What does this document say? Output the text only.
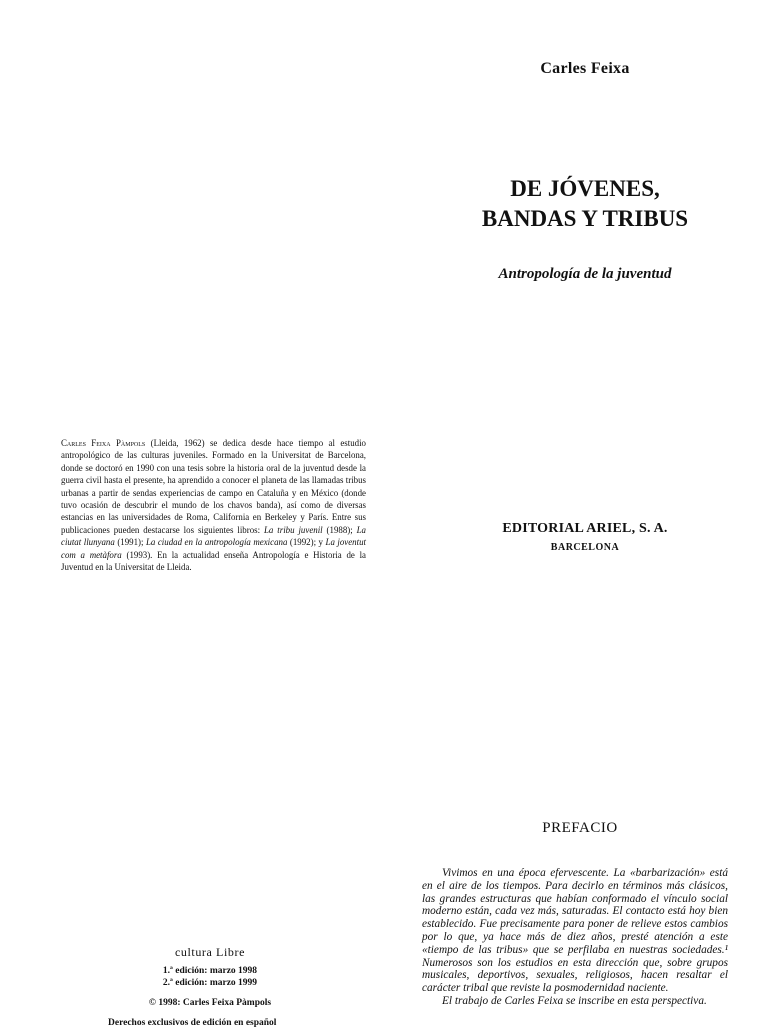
Carles Feixa
DE JÓVENES,
BANDAS Y TRIBUS
Antropología de la juventud
EDITORIAL ARIEL, S. A.
BARCELONA
Carles Feixa Pàmpols (Lleida, 1962) se dedica desde hace tiempo al estudio antropológico de las culturas juveniles. Formado en la Universitat de Barcelona, donde se doctoró en 1990 con una tesis sobre la historia oral de la juventud desde la guerra civil hasta el presente, ha aprendido a conocer el planeta de las llamadas tribus urbanas a partir de sendas experiencias de campo en Cataluña y en México (donde tuvo ocasión de descubrir el mundo de los chavos banda), así como de diversas estancias en las universidades de Roma, California en Berkeley y París. Entre sus publicaciones pueden destacarse los siguientes libros: La tribu juvenil (1988); La ciutat llunyana (1991); La ciudad en la antropología mexicana (1992); y La joventut com a metàfora (1993). En la actualidad enseña Antropología e Historia de la Juventud en la Universitat de Lleida.
cultura Libre
1.ª edición: marzo 1998
2.ª edición: marzo 1999
© 1998: Carles Feixa Pàmpols
Derechos exclusivos de edición en español
PREFACIO

Vivimos en una época efervescente. La «barbarización» está en el aire de los tiempos. Para decirlo en términos más clásicos, las grandes estructuras que habían conformado el vínculo social moderno están, cada vez más, saturadas. El contacto está hoy bien establecido. Fue precisamente para poner de relieve estos cambios por lo que, ya hace más de diez años, presté atención a este «tiempo de las tribus» que se perfilaba en nuestras sociedades.¹ Numerosos son los estudios en esta dirección que, sobre grupos musicales, deportivos, sexuales, religiosos, hacen resaltar el carácter tribal que reviste la posmodernidad naciente.

El trabajo de Carles Feixa se inscribe en esta perspectiva.
